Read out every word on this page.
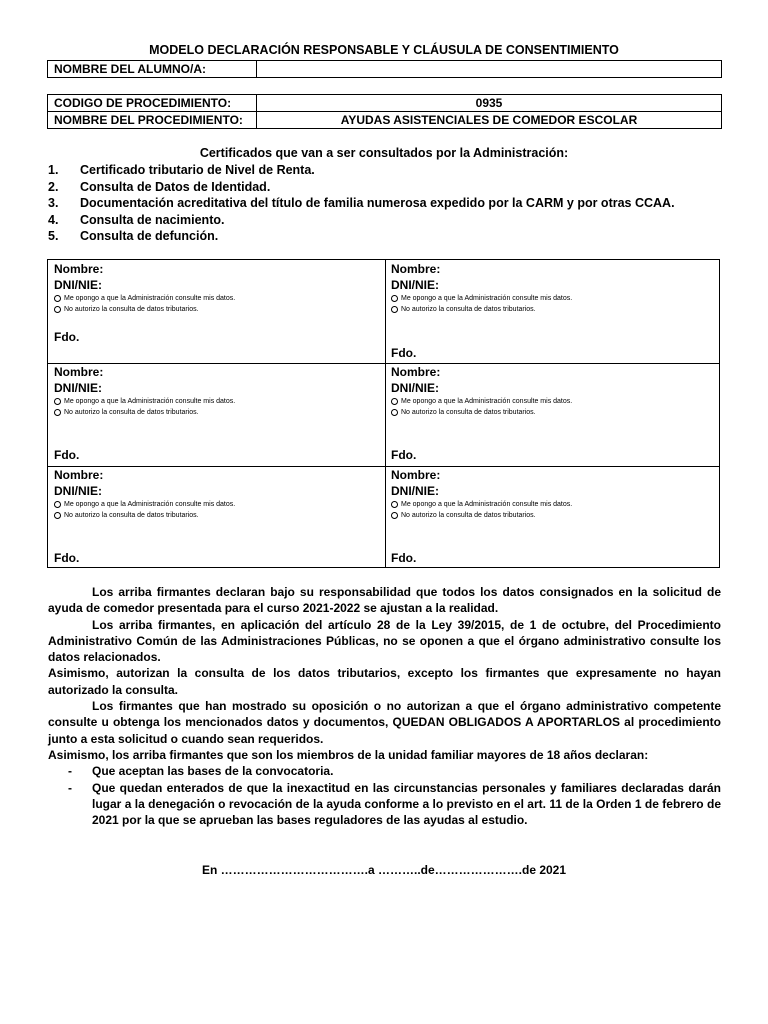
MODELO DECLARACIÓN RESPONSABLE Y CLÁUSULA DE CONSENTIMIENTO
NOMBRE DEL ALUMNO/A:	
CODIGO DE PROCEDIMIENTO:	0935
NOMBRE DEL PROCEDIMIENTO:	AYUDAS ASISTENCIALES DE COMEDOR ESCOLAR
Certificados que van a ser consultados por la Administración:
1.	Certificado tributario de Nivel de Renta.
2.	Consulta de Datos de Identidad.
3.	Documentación acreditativa del título de familia numerosa expedido por la CARM y por otras CCAA.
4.	Consulta de nacimiento.
5.	Consulta de defunción.
Nombre:
DNI/NIE:
Me opongo a que la Administración consulte mis datos.
No autorizo la consulta de datos tributarios.
Fdo.
Nombre:
DNI/NIE:
Me opongo a que la Administración consulte mis datos.
No autorizo la consulta de datos tributarios.
Fdo.
Nombre:
DNI/NIE:
Me opongo a que la Administración consulte mis datos.
No autorizo la consulta de datos tributarios.
Fdo.
Nombre:
DNI/NIE:
Me opongo a que la Administración consulte mis datos.
No autorizo la consulta de datos tributarios.
Fdo.
Nombre:
DNI/NIE:
Me opongo a que la Administración consulte mis datos.
No autorizo la consulta de datos tributarios.
Fdo.
Nombre:
DNI/NIE:
Me opongo a que la Administración consulte mis datos.
No autorizo la consulta de datos tributarios.
Fdo.

Los arriba firmantes declaran bajo su responsabilidad que todos los datos consignados en la solicitud de ayuda de comedor presentada para el curso 2021-2022 se ajustan a la realidad.

Los arriba firmantes, en aplicación del artículo 28 de la Ley 39/2015, de 1 de octubre, del Procedimiento Administrativo Común de las Administraciones Públicas, no se oponen a que el órgano administrativo consulte los datos relacionados.

Asimismo, autorizan la consulta de los datos tributarios, excepto los firmantes que expresamente no hayan autorizado la consulta.

Los firmantes que han mostrado su oposición o no autorizan a que el órgano administrativo competente consulte u obtenga los mencionados datos y documentos, QUEDAN OBLIGADOS A APORTARLOS al procedimiento junto a esta solicitud o cuando sean requeridos.

Asimismo, los arriba firmantes que son los miembros de la unidad familiar mayores de 18 años declaran:

-	Que aceptan las bases de la convocatoria.
-	Que quedan enterados de que la inexactitud en las circunstancias personales y familiares declaradas darán lugar a la denegación o revocación de la ayuda conforme a lo previsto en el art. 11 de la Orden 1 de febrero de 2021 por la que se aprueban las bases reguladores de las ayudas al estudio.
En ……………………………….a ………..de………………….de 2021
